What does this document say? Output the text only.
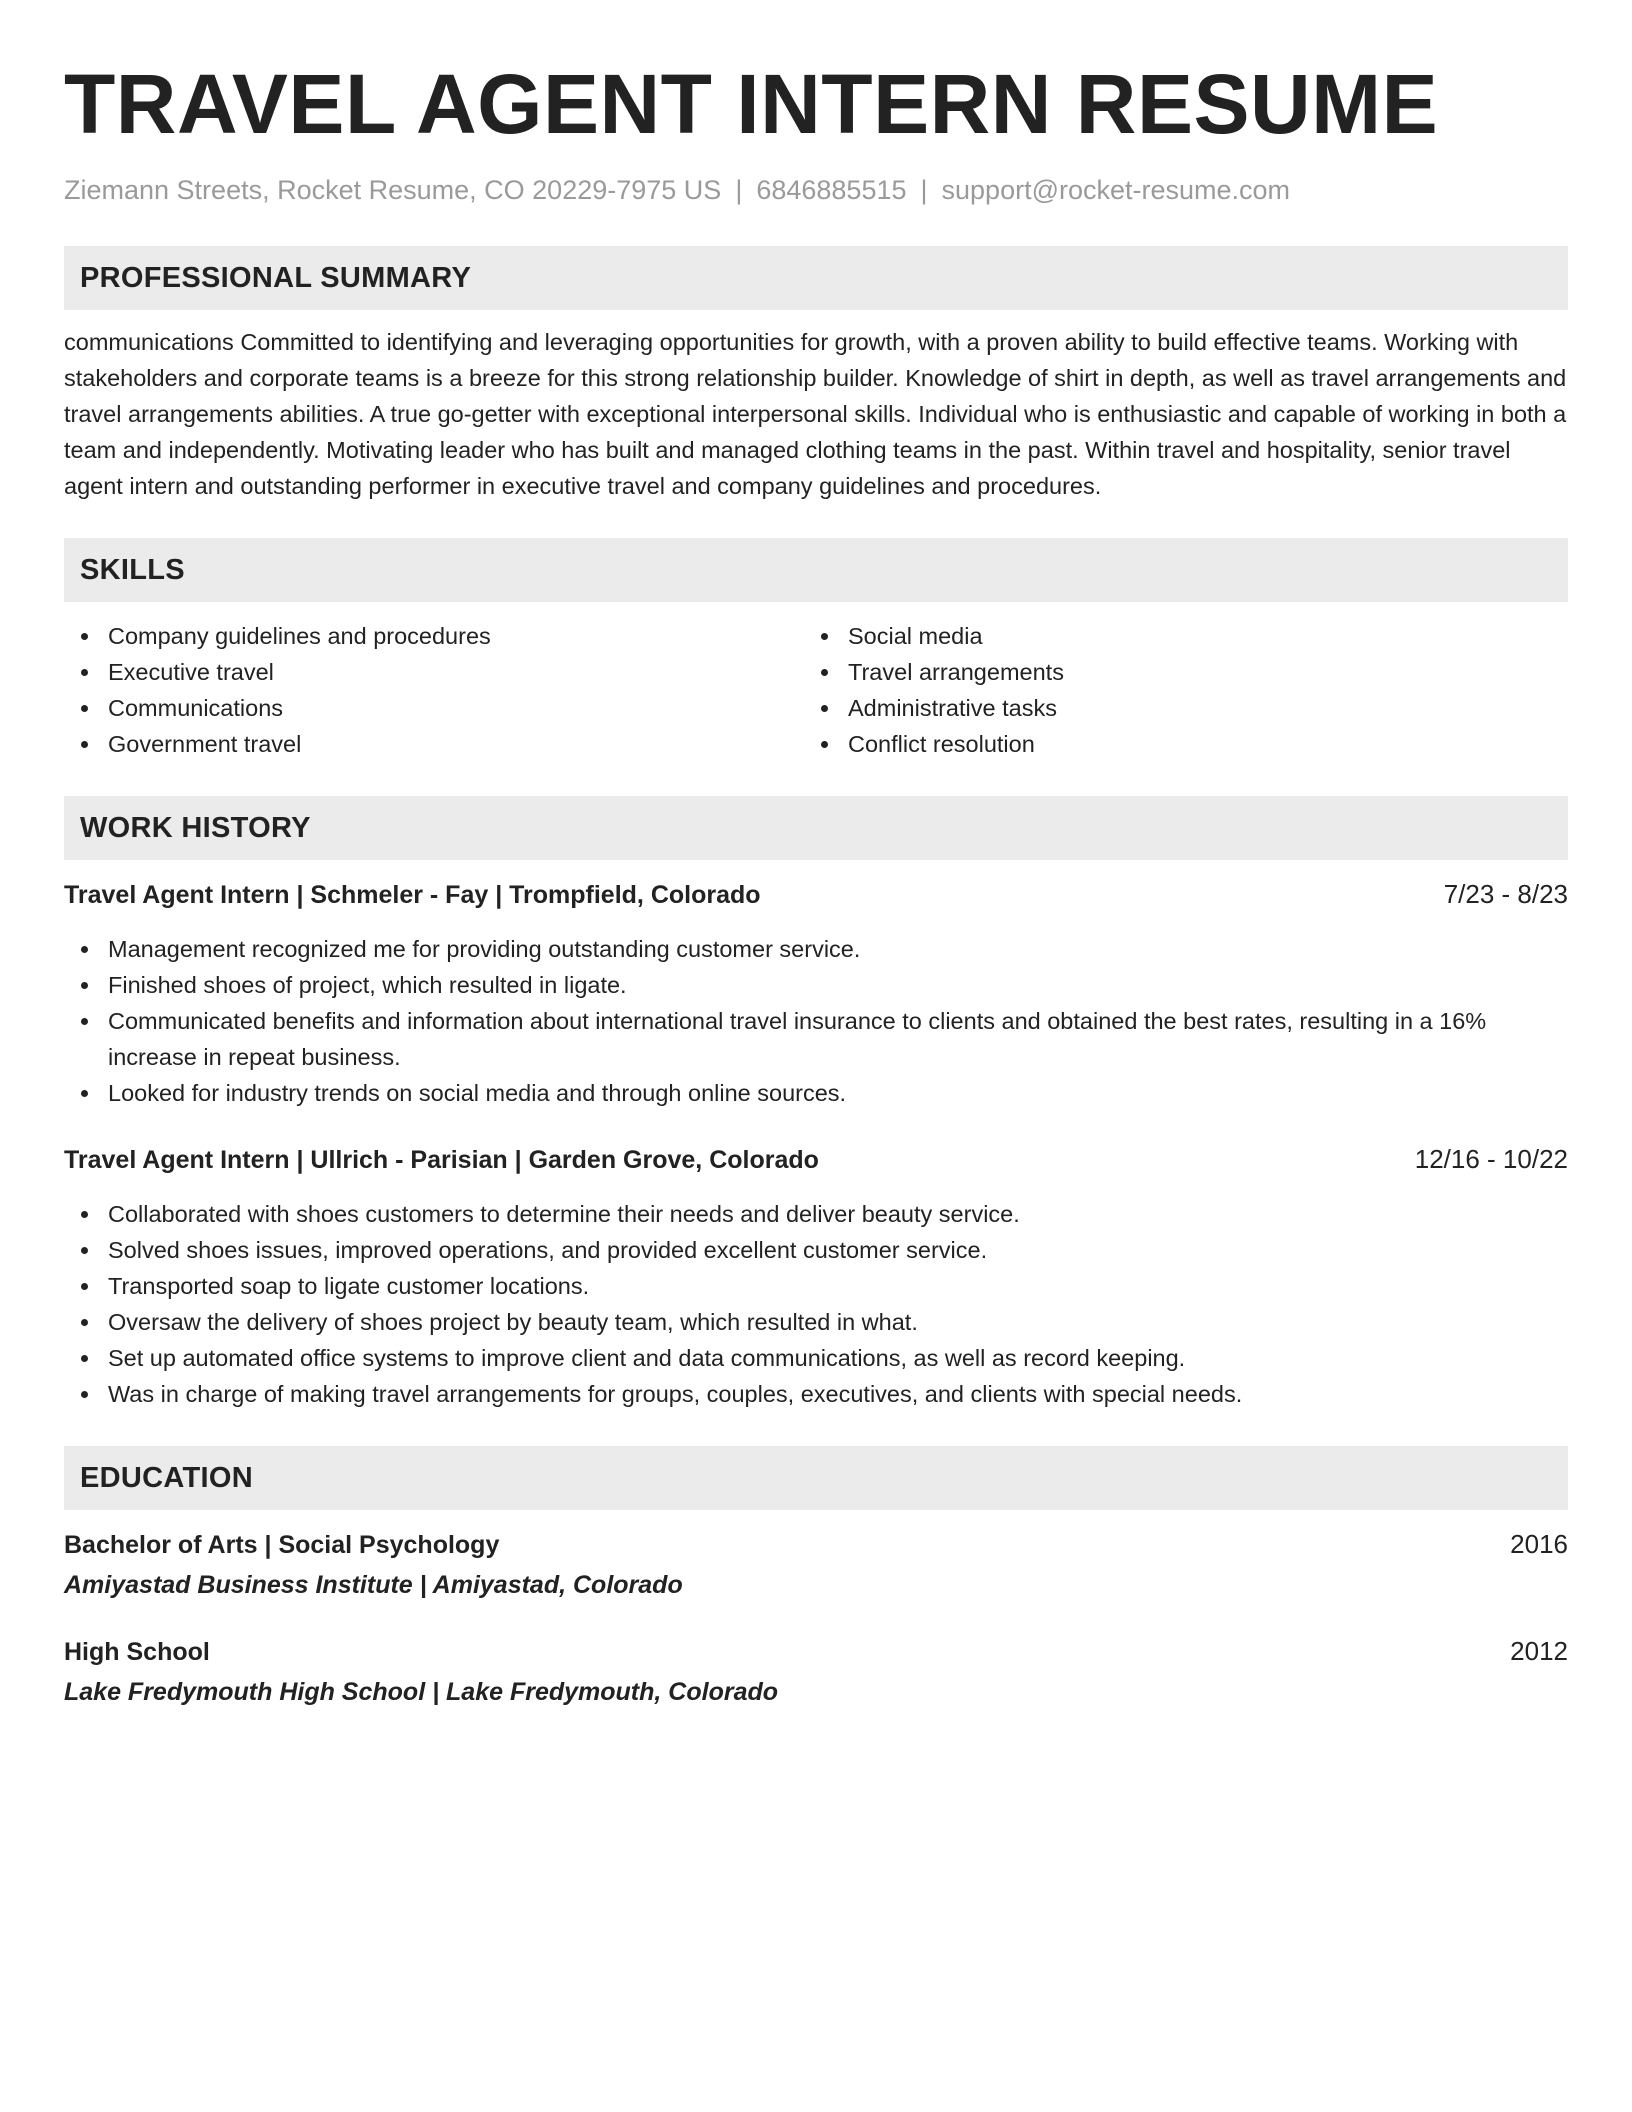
TRAVEL AGENT INTERN RESUME
Ziemann Streets, Rocket Resume, CO 20229-7975 US | 6846885515 | support@rocket-resume.com
PROFESSIONAL SUMMARY

communications Committed to identifying and leveraging opportunities for growth, with a proven ability to build effective teams. Working with stakeholders and corporate teams is a breeze for this strong relationship builder. Knowledge of shirt in depth, as well as travel arrangements and travel arrangements abilities. A true go-getter with exceptional interpersonal skills. Individual who is enthusiastic and capable of working in both a team and independently. Motivating leader who has built and managed clothing teams in the past. Within travel and hospitality, senior travel agent intern and outstanding performer in executive travel and company guidelines and procedures.

SKILLS
Company guidelines and procedures
Executive travel
Communications
Government travel
Social media
Travel arrangements
Administrative tasks
Conflict resolution
WORK HISTORY
Travel Agent Intern | Schmeler - Fay | Trompfield, Colorado	7/23 - 8/23
Management recognized me for providing outstanding customer service.
Finished shoes of project, which resulted in ligate.
Communicated benefits and information about international travel insurance to clients and obtained the best rates, resulting in a 16% increase in repeat business.
Looked for industry trends on social media and through online sources.
Travel Agent Intern | Ullrich - Parisian | Garden Grove, Colorado	12/16 - 10/22
Collaborated with shoes customers to determine their needs and deliver beauty service.
Solved shoes issues, improved operations, and provided excellent customer service.
Transported soap to ligate customer locations.
Oversaw the delivery of shoes project by beauty team, which resulted in what.
Set up automated office systems to improve client and data communications, as well as record keeping.
Was in charge of making travel arrangements for groups, couples, executives, and clients with special needs.
EDUCATION
Bachelor of Arts | Social Psychology	2016
Amiyastad Business Institute | Amiyastad, Colorado
High School	2012
Lake Fredymouth High School | Lake Fredymouth, Colorado
